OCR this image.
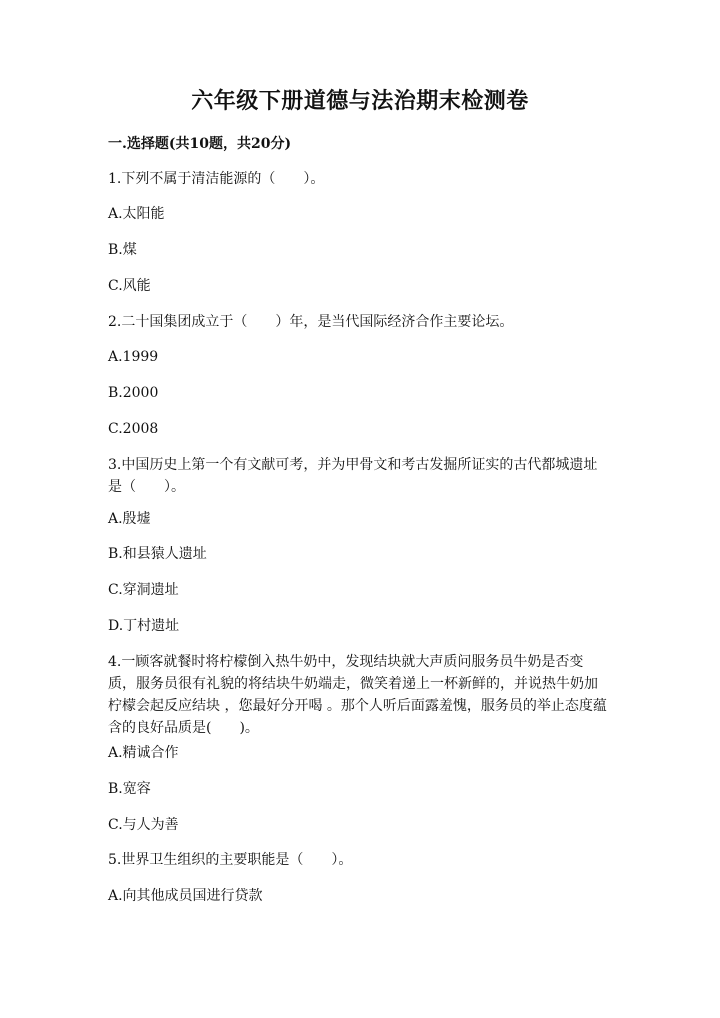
六年级下册道德与法治期末检测卷
一.选择题(共10题，共20分)
1.下列不属于清洁能源的（　　）。
A.太阳能
B.煤
C.风能
2.二十国集团成立于（　　）年，是当代国际经济合作主要论坛。
A.1999
B.2000
C.2008
3.中国历史上第一个有文献可考，并为甲骨文和考古发掘所证实的古代都城遗址是（　　）。
A.殷墟
B.和县猿人遗址
C.穿洞遗址
D.丁村遗址
4.一顾客就餐时将柠檬倒入热牛奶中，发现结块就大声质问服务员牛奶是否变质，服务员很有礼貌的将结块牛奶端走，微笑着递上一杯新鲜的，并说热牛奶加柠檬会起反应结块 ，您最好分开喝 。那个人听后面露羞愧，服务员的举止态度蕴含的良好品质是(　　)。
A.精诚合作
B.宽容
C.与人为善
5.世界卫生组织的主要职能是（　　）。
A.向其他成员国进行贷款
